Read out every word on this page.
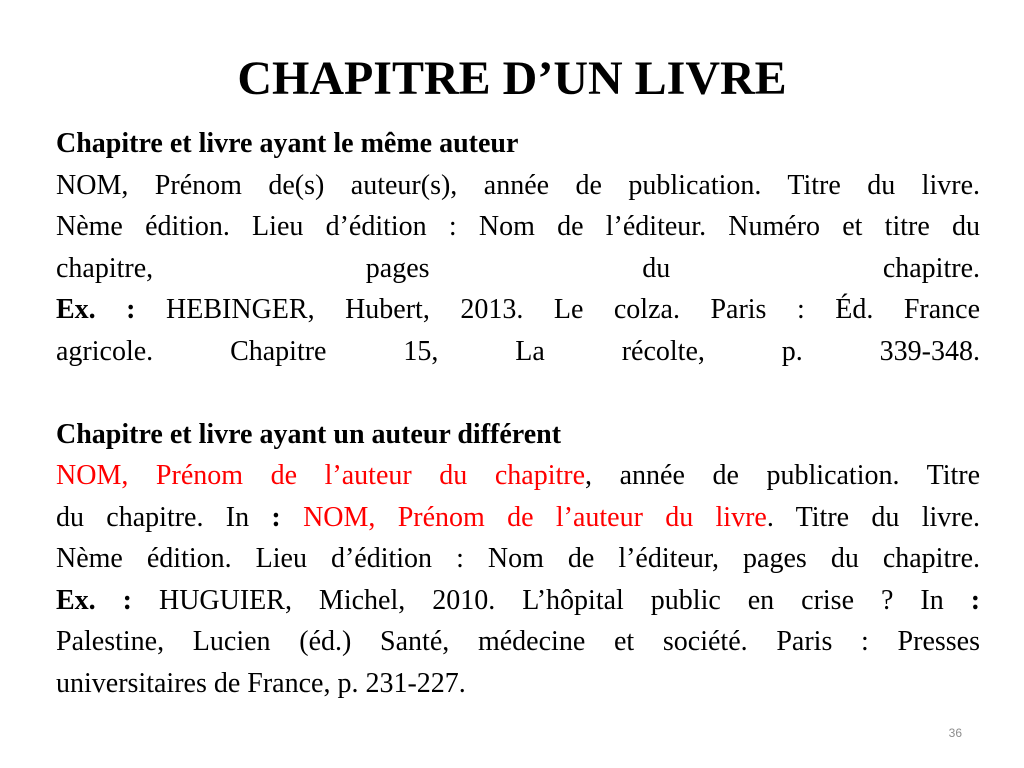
CHAPITRE D’UN LIVRE
Chapitre et livre ayant le même auteur
NOM, Prénom de(s) auteur(s), année de publication. Titre du livre.
Nème édition. Lieu d’édition : Nom de l’éditeur. Numéro et titre du
chapitre, pages du chapitre.
Ex. : HEBINGER, Hubert, 2013. Le colza. Paris : Éd. France
agricole. Chapitre 15, La récolte, p. 339-348.
Chapitre et livre ayant un auteur différent
NOM, Prénom de l’auteur du chapitre, année de publication. Titre
du chapitre. In : NOM, Prénom de l’auteur du livre. Titre du livre.
Nème édition. Lieu d’édition : Nom de l’éditeur, pages du chapitre.
Ex. : HUGUIER, Michel, 2010. L’hôpital public en crise ? In :
Palestine, Lucien (éd.) Santé, médecine et société. Paris : Presses
universitaires de France, p. 231-227.
36
